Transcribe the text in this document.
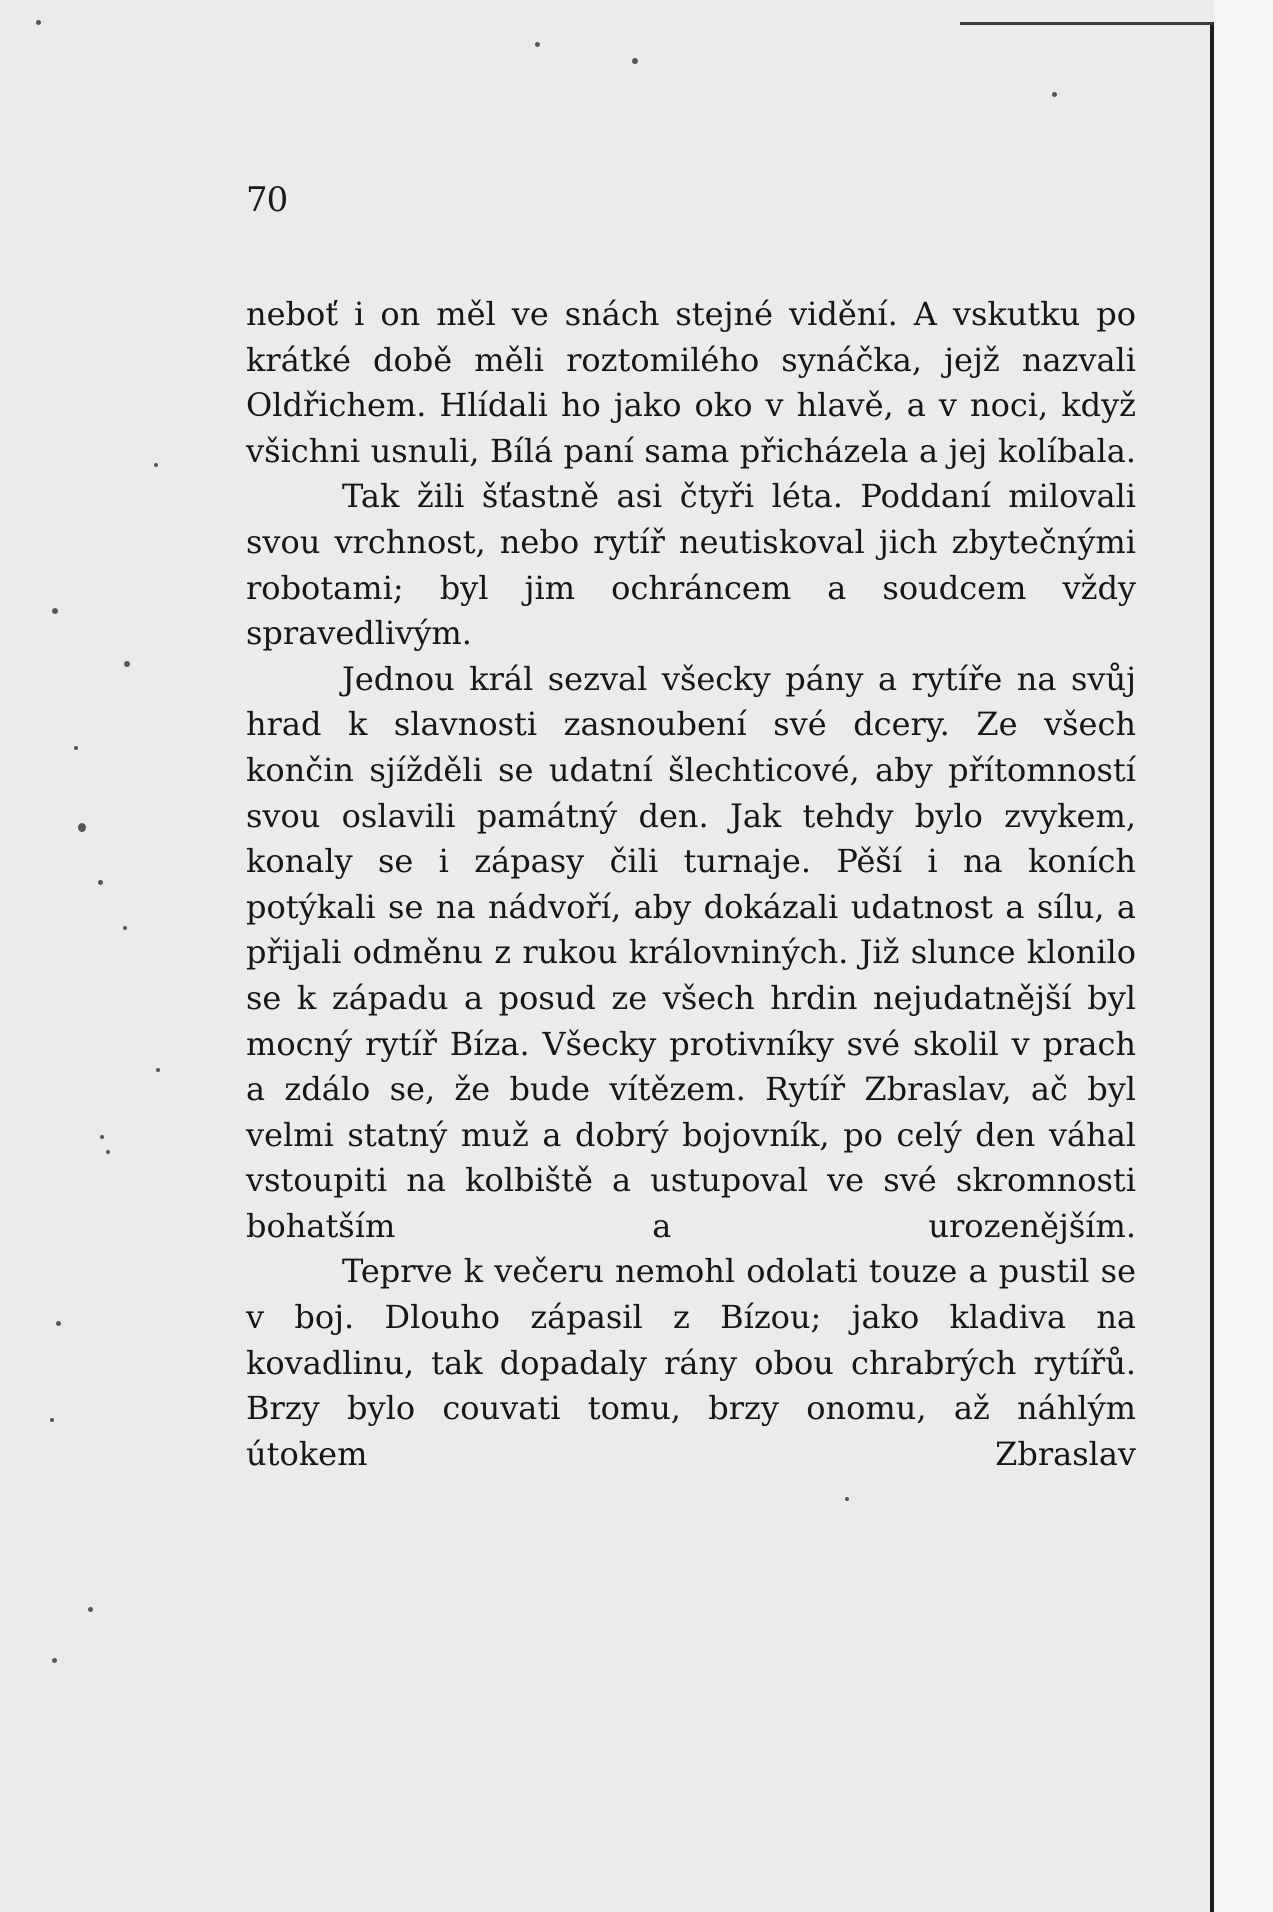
70

neboť i on měl ve snách stejné vidění. A vskutku po krátké době měli roztomilého synáčka, jejž nazvali Oldřichem. Hlídali ho jako oko v hlavě, a v noci, když všichni usnuli, Bílá paní sama přicházela a jej kolíbala.

Tak žili šťastně asi čtyři léta. Poddaní milovali svou vrchnost, nebo rytíř neutiskoval jich zbytečnými robotami; byl jim ochráncem a soudcem vždy spravedlivým.

Jednou král sezval všecky pány a rytíře na svůj hrad k slavnosti zasnoubení své dcery. Ze všech končin sjížděli se udatní šlechticové, aby přítomností svou oslavili památný den. Jak tehdy bylo zvykem, konaly se i zápasy čili turnaje. Pěší i na koních potýkali se na nádvoří, aby dokázali udatnost a sílu, a přijali odměnu z rukou královniných. Již slunce klonilo se k západu a posud ze všech hrdin nejudatnější byl mocný rytíř Bíza. Všecky protivníky své skolil v prach a zdálo se, že bude vítězem. Rytíř Zbraslav, ač byl velmi statný muž a dobrý bojovník, po celý den váhal vstoupiti na kolbiště a ustupoval ve své skromnosti bohatším a urozenějším.

Teprve k večeru nemohl odolati touze a pustil se v boj. Dlouho zápasil z Bízou; jako kladiva na kovadlinu, tak dopadaly rány obou chrabrých rytířů. Brzy bylo couvati tomu, brzy onomu, až náhlým útokem Zbraslav
